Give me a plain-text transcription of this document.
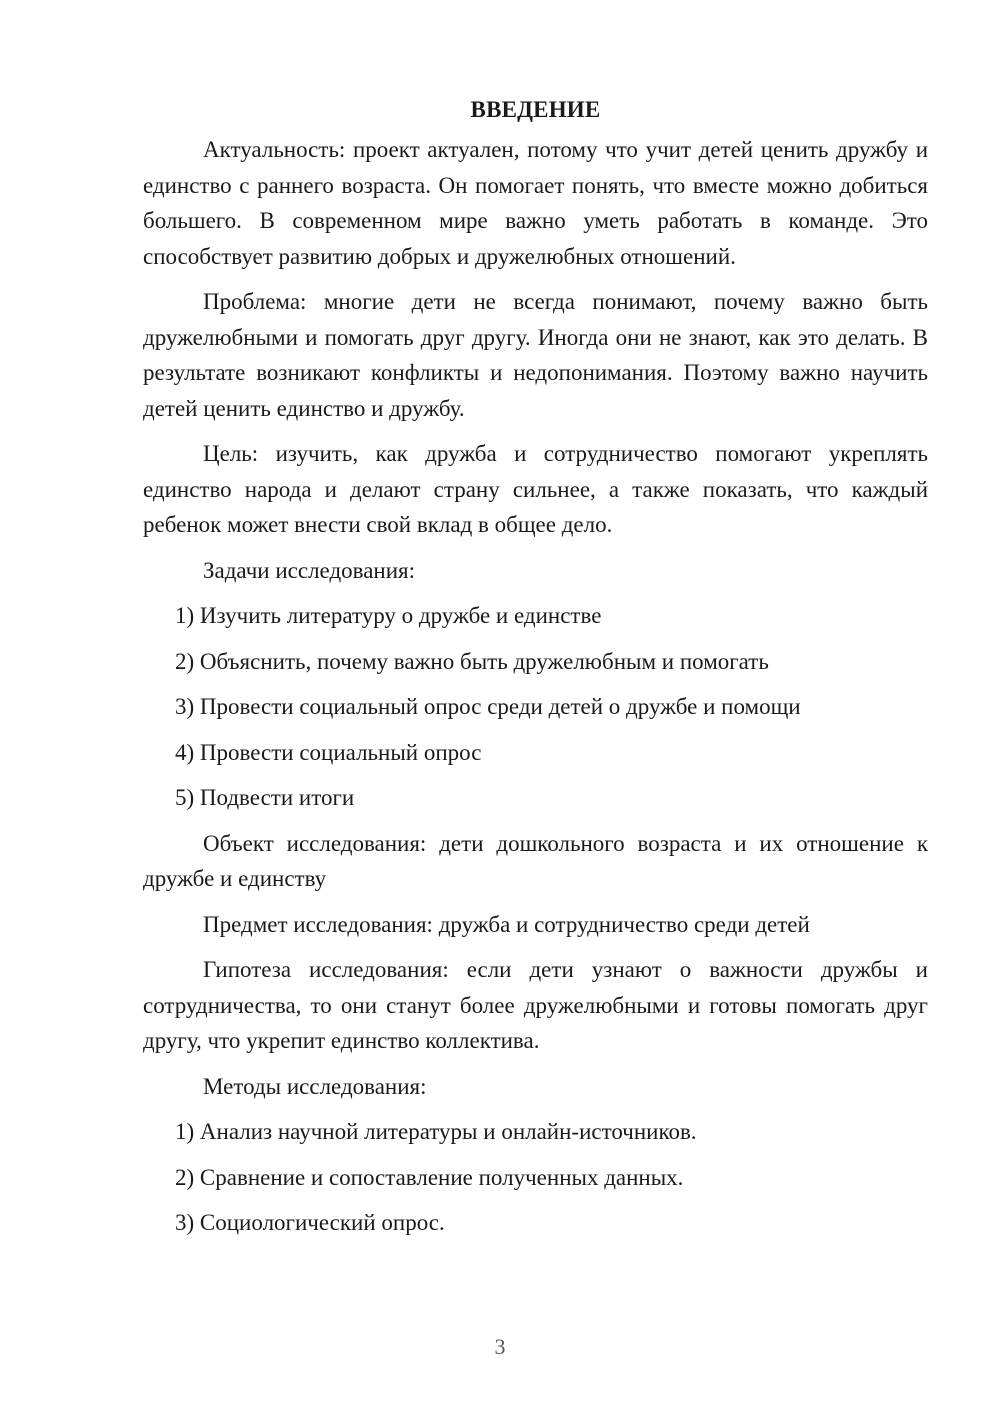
ВВЕДЕНИЕ

Актуальность: проект актуален, потому что учит детей ценить дружбу и единство с раннего возраста. Он помогает понять, что вместе можно добиться большего. В современном мире важно уметь работать в команде. Это способствует развитию добрых и дружелюбных отношений.

Проблема: многие дети не всегда понимают, почему важно быть дружелюбными и помогать друг другу. Иногда они не знают, как это делать. В результате возникают конфликты и недопонимания. Поэтому важно научить детей ценить единство и дружбу.

Цель: изучить, как дружба и сотрудничество помогают укреплять единство народа и делают страну сильнее, а также показать, что каждый ребенок может внести свой вклад в общее дело.

Задачи исследования:

1) Изучить литературу о дружбе и единстве

2) Объяснить, почему важно быть дружелюбным и помогать

3) Провести социальный опрос среди детей о дружбе и помощи

4) Провести социальный опрос

5) Подвести итоги

Объект исследования: дети дошкольного возраста и их отношение к дружбе и единству

Предмет исследования: дружба и сотрудничество среди детей

Гипотеза исследования: если дети узнают о важности дружбы и сотрудничества, то они станут более дружелюбными и готовы помогать друг другу, что укрепит единство коллектива.

Методы исследования:

1) Анализ научной литературы и онлайн-источников.

2) Сравнение и сопоставление полученных данных.

3) Социологический опрос.

3
